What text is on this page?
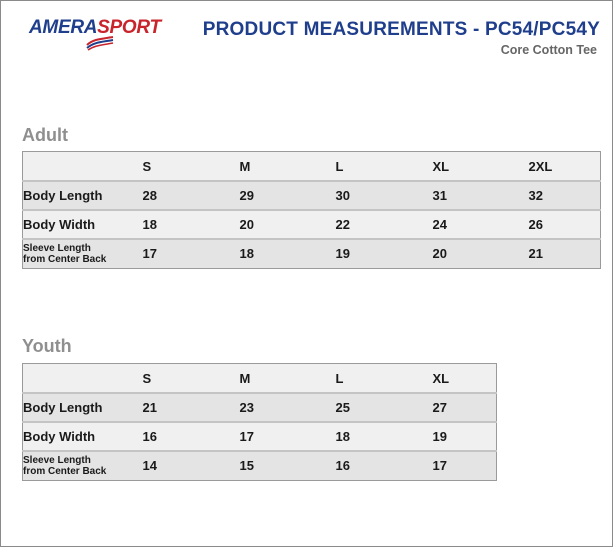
AMERASPORT PRODUCT MEASUREMENTS - PC54/PC54Y
Core Cotton Tee
Adult
	S	M	L	XL	2XL
Body Length	28	29	30	31	32
Body Width	18	20	22	24	26
Sleeve Length
from Center Back	17	18	19	20	21
Youth
	S	M	L	XL
Body Length	21	23	25	27
Body Width	16	17	18	19
Sleeve Length
from Center Back	14	15	16	17
